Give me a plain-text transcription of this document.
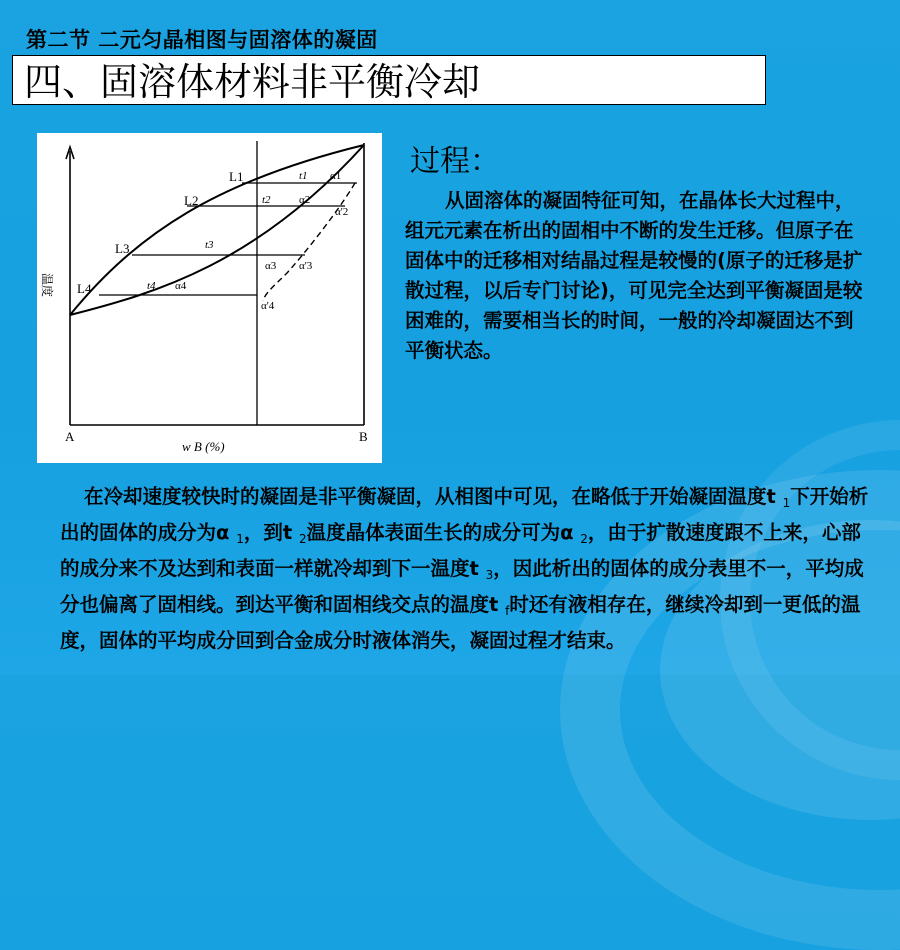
第二节 二元匀晶相图与固溶体的凝固
四、固溶体材料非平衡冷却
A	B
w B (%)
温度
L1
L2
L3
L4
t1 α1
t2	α2
α'2
t3
α3 α'3
t4 α4
α'4
过程：

从固溶体的凝固特征可知，在晶体长大过程中，组元元素在析出的固相中不断的发生迁移。但原子在固体中的迁移相对结晶过程是较慢的(原子的迁移是扩散过程，以后专门讨论)，可见完全达到平衡凝固是较困难的，需要相当长的时间，一般的冷却凝固达不到平衡状态。

在冷却速度较快时的凝固是非平衡凝固，从相图中可见，在略低于开始凝固温度t $_1$下开始析出的固体的成分为α $_1$，到t $_2$温度晶体表面生长的成分可为α $_2$，由于扩散速度跟不上来，心部的成分来不及达到和表面一样就冷却到下一温度t $_3$，因此析出的固体的成分表里不一，平均成分也偏离了固相线。到达平衡和固相线交点的温度t $_f$时还有液相存在，继续冷却到一更低的温度，固体的平均成分回到合金成分时液体消失，凝固过程才结束。
